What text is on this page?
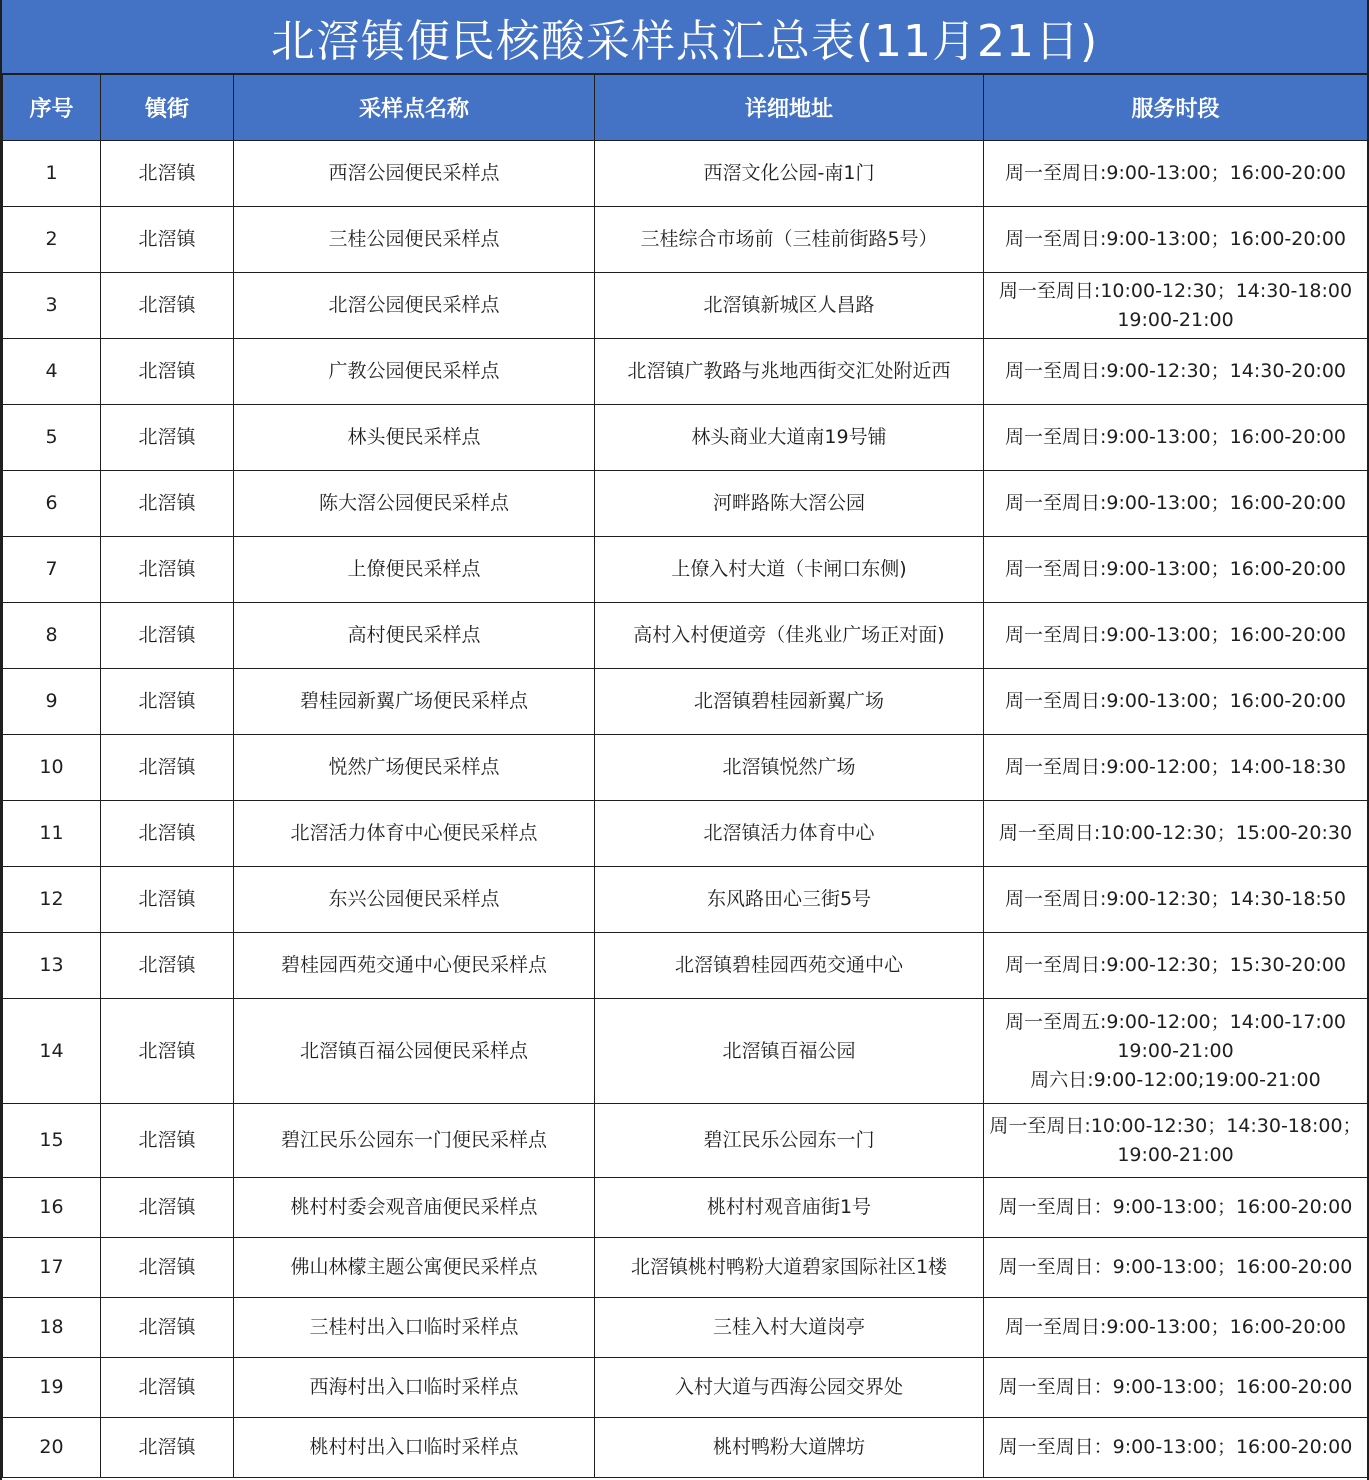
北滘镇便民核酸采样点汇总表(11月21日)
序号	镇街	采样点名称	详细地址	服务时段
1	北滘镇	西滘公园便民采样点	西滘文化公园-南1门	周一至周日:9:00-13:00；16:00-20:00

2	北滘镇	三桂公园便民采样点	三桂综合市场前（三桂前街路5号）	周一至周日:9:00-13:00；16:00-20:00

3	北滘镇	北滘公园便民采样点	北滘镇新城区人昌路	周一至周日:10:00-12:30；14:30-18:00
19:00-21:00

4	北滘镇	广教公园便民采样点	北滘镇广教路与兆地西街交汇处附近西	周一至周日:9:00-12:30；14:30-20:00

5	北滘镇	林头便民采样点	林头商业大道南19号铺	周一至周日:9:00-13:00；16:00-20:00

6	北滘镇	陈大滘公园便民采样点	河畔路陈大滘公园	周一至周日:9:00-13:00；16:00-20:00

7	北滘镇	上僚便民采样点	上僚入村大道（卡闸口东侧)	周一至周日:9:00-13:00；16:00-20:00

8	北滘镇	高村便民采样点	高村入村便道旁（佳兆业广场正对面)	周一至周日:9:00-13:00；16:00-20:00

9	北滘镇	碧桂园新翼广场便民采样点	北滘镇碧桂园新翼广场	周一至周日:9:00-13:00；16:00-20:00

10	北滘镇	悦然广场便民采样点	北滘镇悦然广场	周一至周日:9:00-12:00；14:00-18:30

11	北滘镇	北滘活力体育中心便民采样点	北滘镇活力体育中心	周一至周日:10:00-12:30；15:00-20:30

12	北滘镇	东兴公园便民采样点	东风路田心三街5号	周一至周日:9:00-12:30；14:30-18:50

13	北滘镇	碧桂园西苑交通中心便民采样点	北滘镇碧桂园西苑交通中心	周一至周日:9:00-12:30；15:30-20:00

14	北滘镇	北滘镇百福公园便民采样点	北滘镇百福公园	周一至周五:9:00-12:00；14:00-17:00
19:00-21:00
周六日:9:00-12:00;19:00-21:00

15	北滘镇	碧江民乐公园东一门便民采样点	碧江民乐公园东一门	周一至周日:10:00-12:30；14:30-18:00；
19:00-21:00

16	北滘镇	桃村村委会观音庙便民采样点	桃村村观音庙街1号	周一至周日：9:00-13:00；16:00-20:00

17	北滘镇	佛山林檬主题公寓便民采样点	北滘镇桃村鸭粉大道碧家国际社区1楼	周一至周日：9:00-13:00；16:00-20:00

18	北滘镇	三桂村出入口临时采样点	三桂入村大道岗亭	周一至周日:9:00-13:00；16:00-20:00

19	北滘镇	西海村出入口临时采样点	入村大道与西海公园交界处	周一至周日：9:00-13:00；16:00-20:00

20	北滘镇	桃村村出入口临时采样点	桃村鸭粉大道牌坊	周一至周日：9:00-13:00；16:00-20:00
